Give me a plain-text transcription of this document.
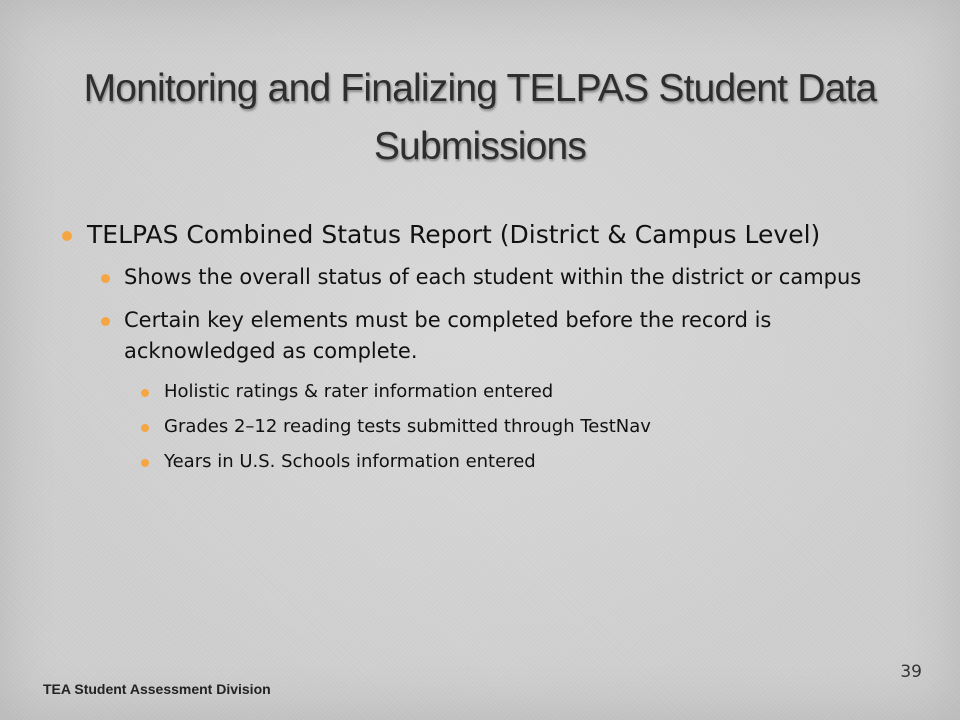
Monitoring and Finalizing TELPAS Student Data Submissions
TELPAS Combined Status Report (District & Campus Level)
Shows the overall status of each student within the district or campus
Certain key elements must be completed before the record is acknowledged as complete.
Holistic ratings & rater information entered
Grades 2–12 reading tests submitted through TestNav
Years in U.S. Schools information entered
TEA Student Assessment Division
39
